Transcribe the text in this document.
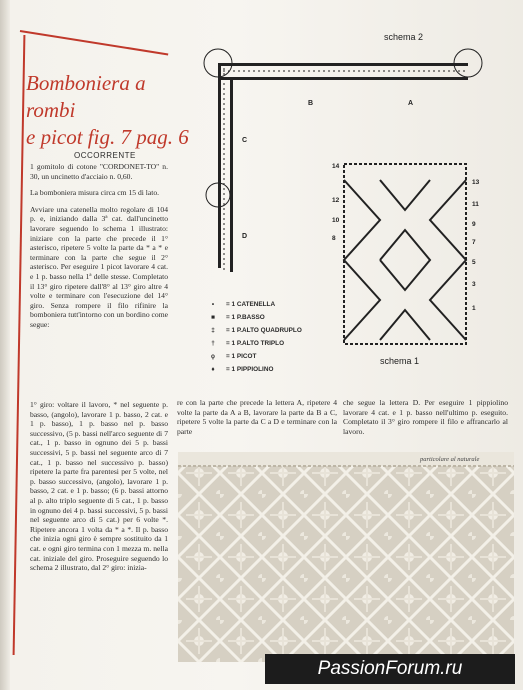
Bomboniera a rombi
e picot fig. 7 pag. 6
OCCORRENTE

1 gomitolo di cotone "CORDONET-TO" n. 30, un uncinetto d'acciaio n. 0,60.

La bomboniera misura circa cm 15 di lato.

Avviare una catenella molto regolare di 104 p. e, iniziando dalla 3ª cat. dall'uncinetto lavorare seguendo lo schema 1 illustrato: iniziare con la parte che precede il 1° asterisco, ripetere 5 volte la parte da * a * e terminare con la parte che segue il 2° asterisco. Per eseguire 1 picot lavorare 4 cat. e 1 p. basso nella 1ª delle stesse. Completato il 13° giro ripetere dall'8° al 13° giro altre 4 volte e terminare con l'esecuzione del 14° giro. Senza rompere il filo rifinire la bomboniera tutt'intorno con un bordino come segue:

1° giro: voltare il lavoro, * nel seguente p. basso, (angolo), lavorare 1 p. basso, 2 cat. e 1 p. basso), 1 p. basso nel p. basso successivo, (5 p. bassi nell'arco seguente di 7 cat., 1 p. basso in ognuno dei 5 p. bassi successivi, 5 p. bassi nel seguente arco di 7 cat., 1 p. basso nel successivo p. basso) ripetere la parte fra parentesi per 5 volte, nel p. basso successivo, (angolo), lavorare 1 p. basso, 2 cat. e 1 p. basso; (6 p. bassi attorno al p. alto triplo seguente di 5 cat., 1 p. basso in ognuno dei 4 p. bassi successivi, 5 p. bassi nel seguente arco di 5 cat.) per 6 volte *. Ripetere ancora 1 volta da * a *. Il p. basso che inizia ogni giro è sempre sostituito da 1 cat. e ogni giro termina con 1 mezza m. nella cat. iniziale del giro. Proseguire seguendo lo schema 2 illustrato, dal 2° giro: inizia-
B	A
C
D
schema 2
14
12
10
8
13
11
9
7
5
3
1
schema 1
•	= 1 CATENELLA
■	= 1 P.BASSO
‡	= 1 P.ALTO QUADRUPLO
†	= 1 P.ALTO TRIPLO
ϙ	= 1 PICOT
♦	= 1 PIPPIOLINO
re con la parte che precede la lettera A, ripetere 4 volte la parte da A a B, lavorare la parte da B a C, ripetere 5 volte la parte da C a D e terminare con la parte
che segue la lettera D. Per eseguire 1 pippiolino lavorare 4 cat. e 1 p. basso nell'ultimo p. eseguito. Completato il 3° giro rompere il filo e affrancarlo al lavoro.
particolare al naturale
PassionForum.ru
